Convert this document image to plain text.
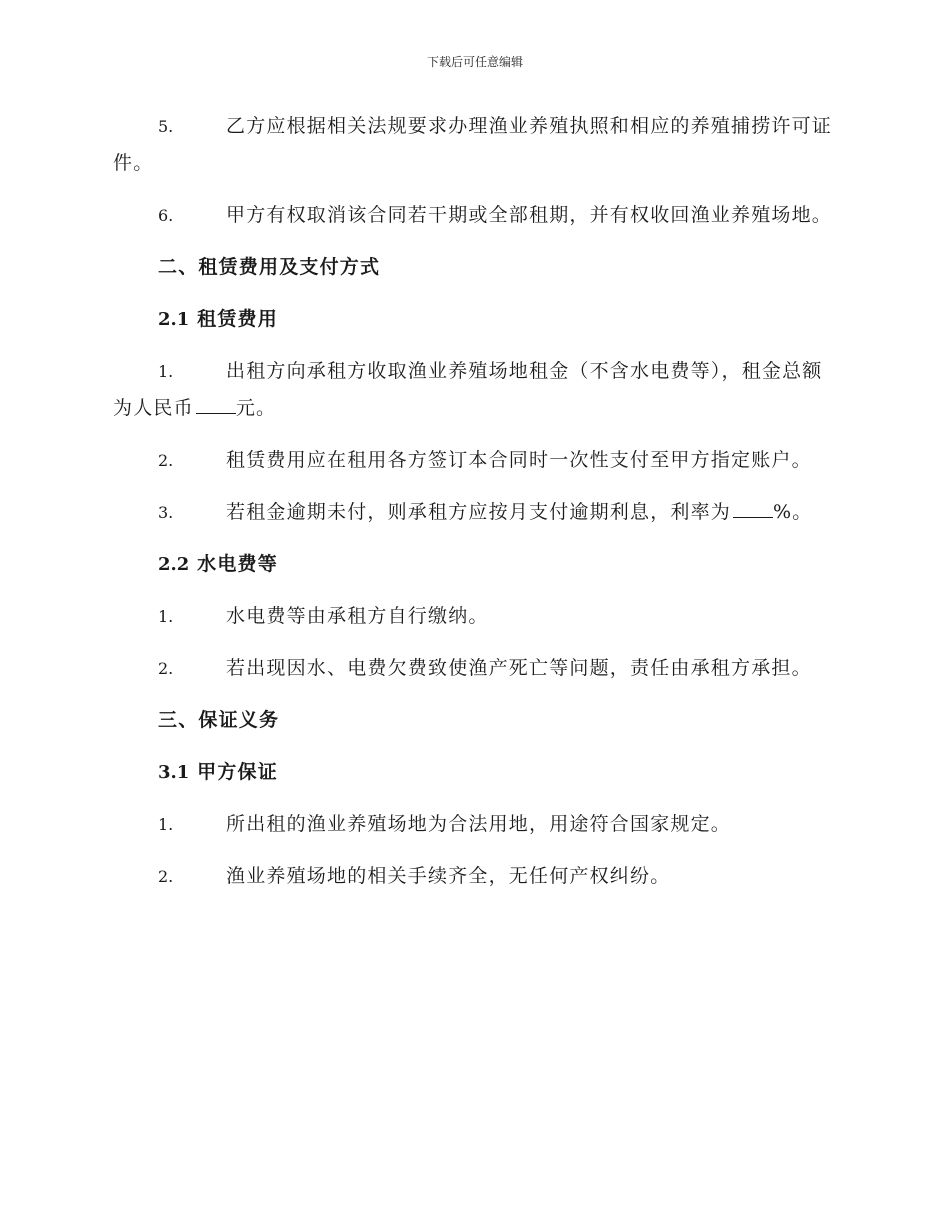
下载后可任意编辑

5.	乙方应根据相关法规要求办理渔业养殖执照和相应的养殖捕捞许可证件。

6.	甲方有权取消该合同若干期或全部租期，并有权收回渔业养殖场地。

二、租赁费用及支付方式
2.1 租赁费用

1.	出租方向承租方收取渔业养殖场地租金（不含水电费等），租金总额为人民币 元。

2.	租赁费用应在租用各方签订本合同时一次性支付至甲方指定账户。

3.	若租金逾期未付，则承租方应按月支付逾期利息，利率为 %。

2.2 水电费等

1.	水电费等由承租方自行缴纳。

2.	若出现因水、电费欠费致使渔产死亡等问题，责任由承租方承担。

三、保证义务
3.1 甲方保证

1.	所出租的渔业养殖场地为合法用地，用途符合国家规定。

2.	渔业养殖场地的相关手续齐全，无任何产权纠纷。
